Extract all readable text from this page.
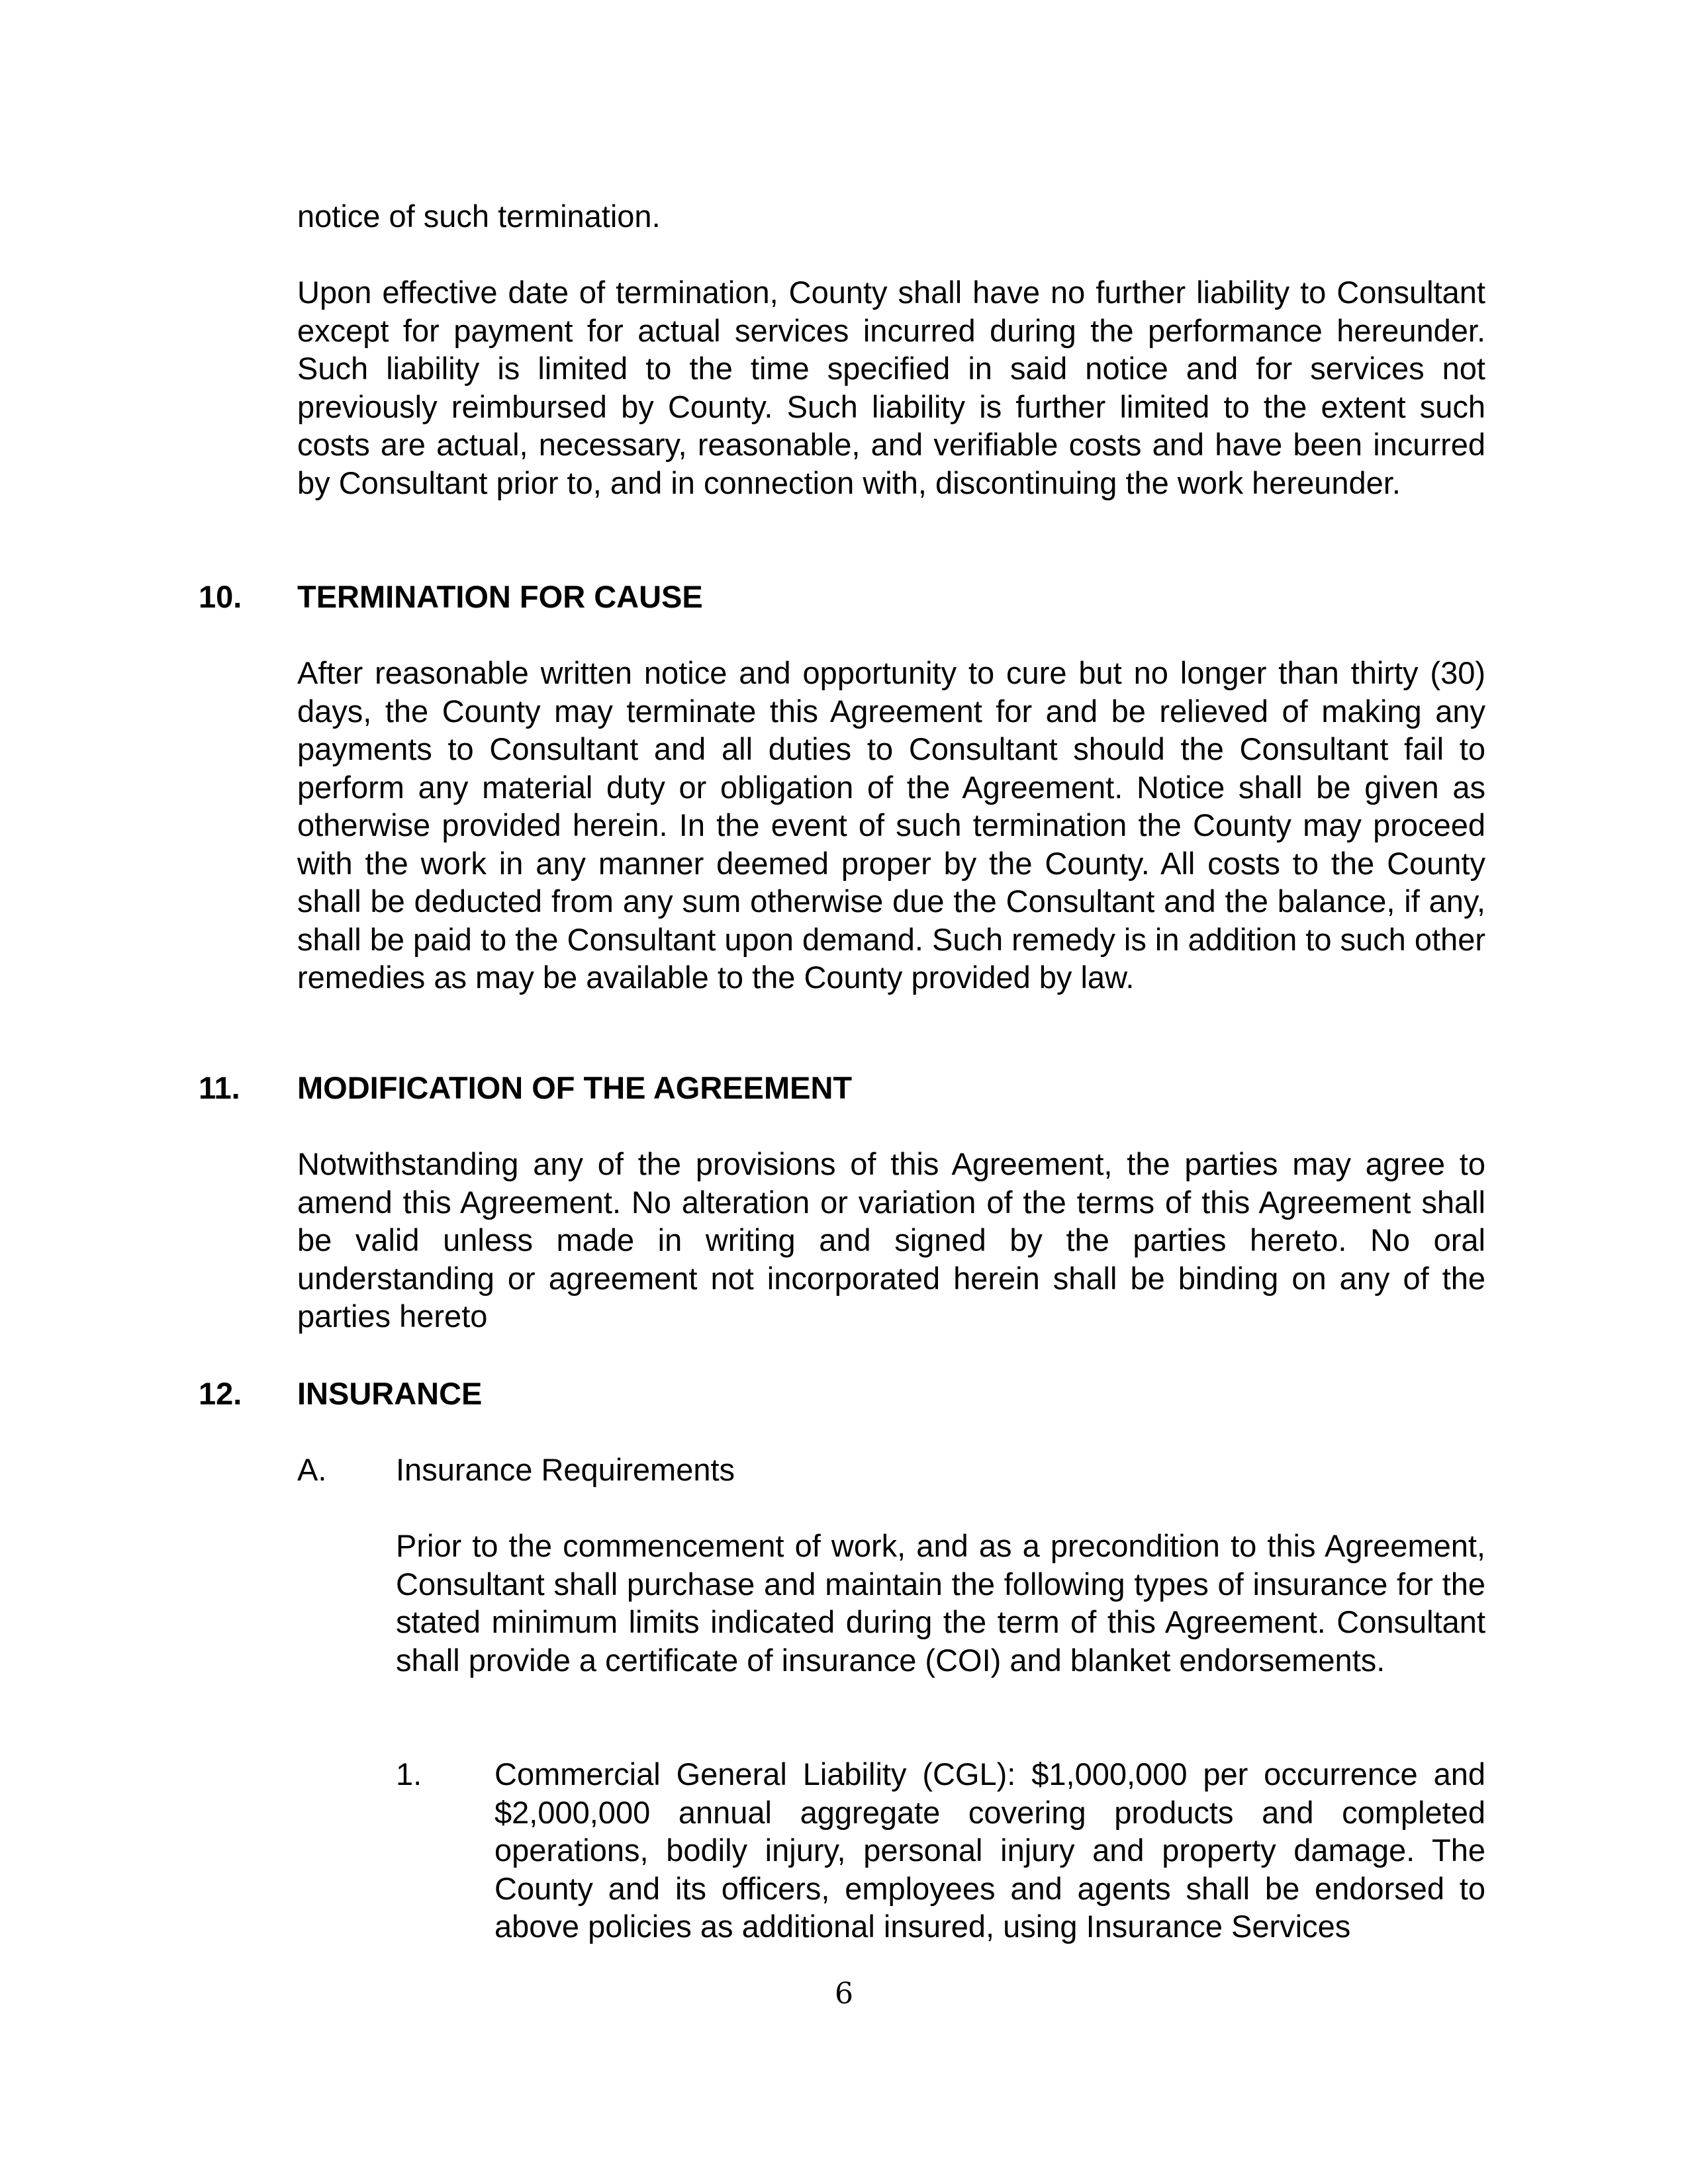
notice of such termination.

Upon effective date of termination, County shall have no further liability to Consultant except for payment for actual services incurred during the performance hereunder. Such liability is limited to the time specified in said notice and for services not previously reimbursed by County. Such liability is further limited to the extent such costs are actual, necessary, reasonable, and verifiable costs and have been incurred by Consultant prior to, and in connection with, discontinuing the work hereunder.

10. TERMINATION FOR CAUSE

After reasonable written notice and opportunity to cure but no longer than thirty (30) days, the County may terminate this Agreement for and be relieved of making any payments to Consultant and all duties to Consultant should the Consultant fail to perform any material duty or obligation of the Agreement. Notice shall be given as otherwise provided herein. In the event of such termination the County may proceed with the work in any manner deemed proper by the County. All costs to the County shall be deducted from any sum otherwise due the Consultant and the balance, if any, shall be paid to the Consultant upon demand. Such remedy is in addition to such other remedies as may be available to the County provided by law.

11. MODIFICATION OF THE AGREEMENT

Notwithstanding any of the provisions of this Agreement, the parties may agree to amend this Agreement. No alteration or variation of the terms of this Agreement shall be valid unless made in writing and signed by the parties hereto. No oral understanding or agreement not incorporated herein shall be binding on any of the parties hereto

12. INSURANCE
A. Insurance Requirements

Prior to the commencement of work, and as a precondition to this Agreement, Consultant shall purchase and maintain the following types of insurance for the stated minimum limits indicated during the term of this Agreement. Consultant shall provide a certificate of insurance (COI) and blanket endorsements.

1. Commercial General Liability (CGL): $1,000,000 per occurrence and $2,000,000 annual aggregate covering products and completed operations, bodily injury, personal injury and property damage. The County and its officers, employees and agents shall be endorsed to above policies as additional insured, using Insurance Services

6
